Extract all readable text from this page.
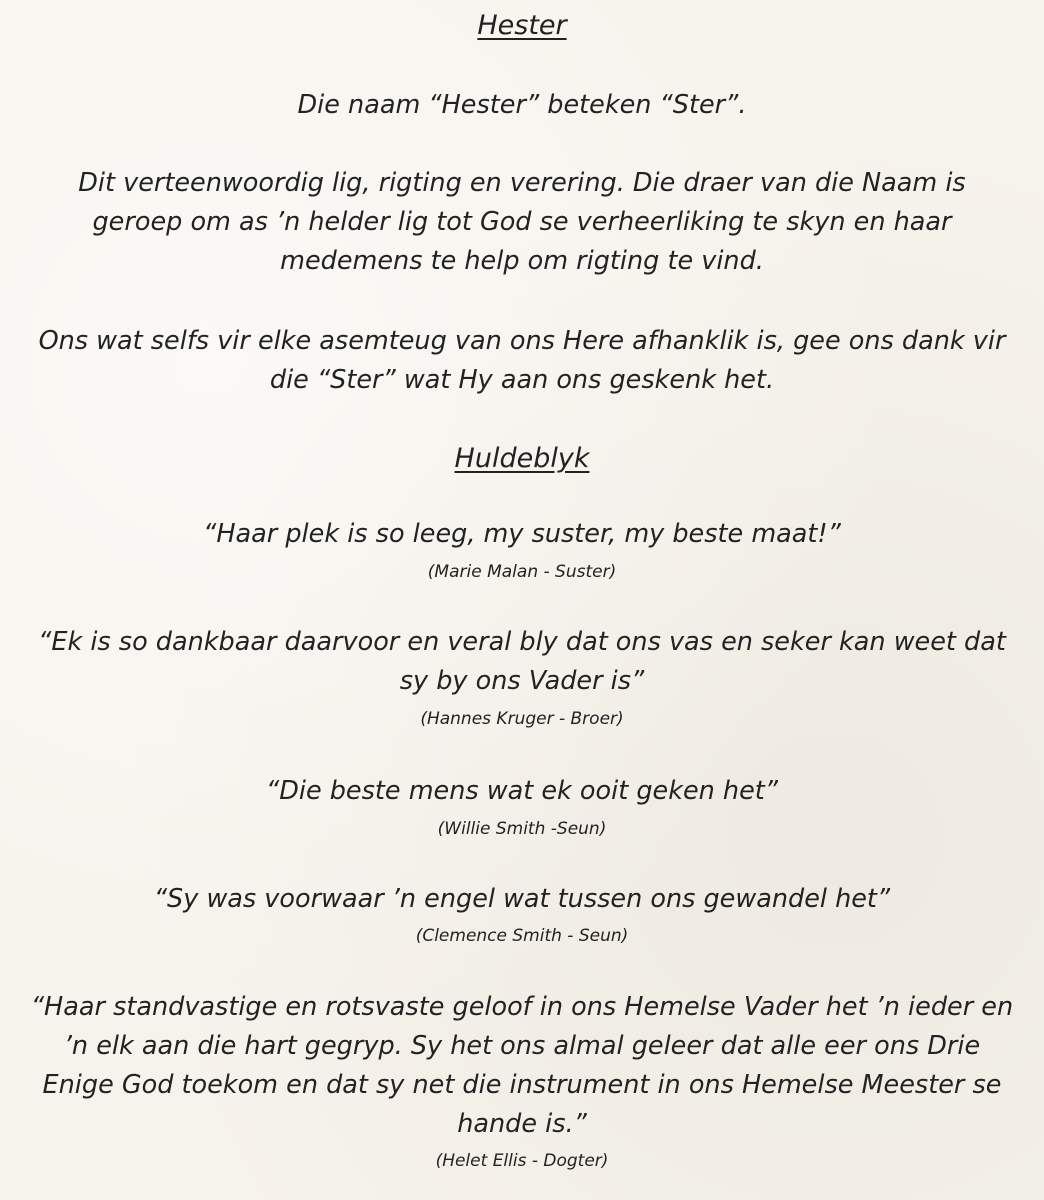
Hester

Die naam “Hester” beteken “Ster”.

Dit verteenwoordig lig, rigting en verering. Die draer van die Naam is

geroep om as ’n helder lig tot God se verheerliking te skyn en haar

medemens te help om rigting te vind.

Ons wat selfs vir elke asemteug van ons Here afhanklik is, gee ons dank vir

die “Ster” wat Hy aan ons geskenk het.

Huldeblyk

“Haar plek is so leeg, my suster, my beste maat!”

(Marie Malan - Suster)

“Ek is so dankbaar daarvoor en veral bly dat ons vas en seker kan weet dat

sy by ons Vader is”

(Hannes Kruger - Broer)

“Die beste mens wat ek ooit geken het”

(Willie Smith -Seun)

“Sy was voorwaar ’n engel wat tussen ons gewandel het”

(Clemence Smith - Seun)

“Haar standvastige en rotsvaste geloof in ons Hemelse Vader het ’n ieder en

’n elk aan die hart gegryp. Sy het ons almal geleer dat alle eer ons Drie

Enige God toekom en dat sy net die instrument in ons Hemelse Meester se

hande is.”

(Helet Ellis - Dogter)
